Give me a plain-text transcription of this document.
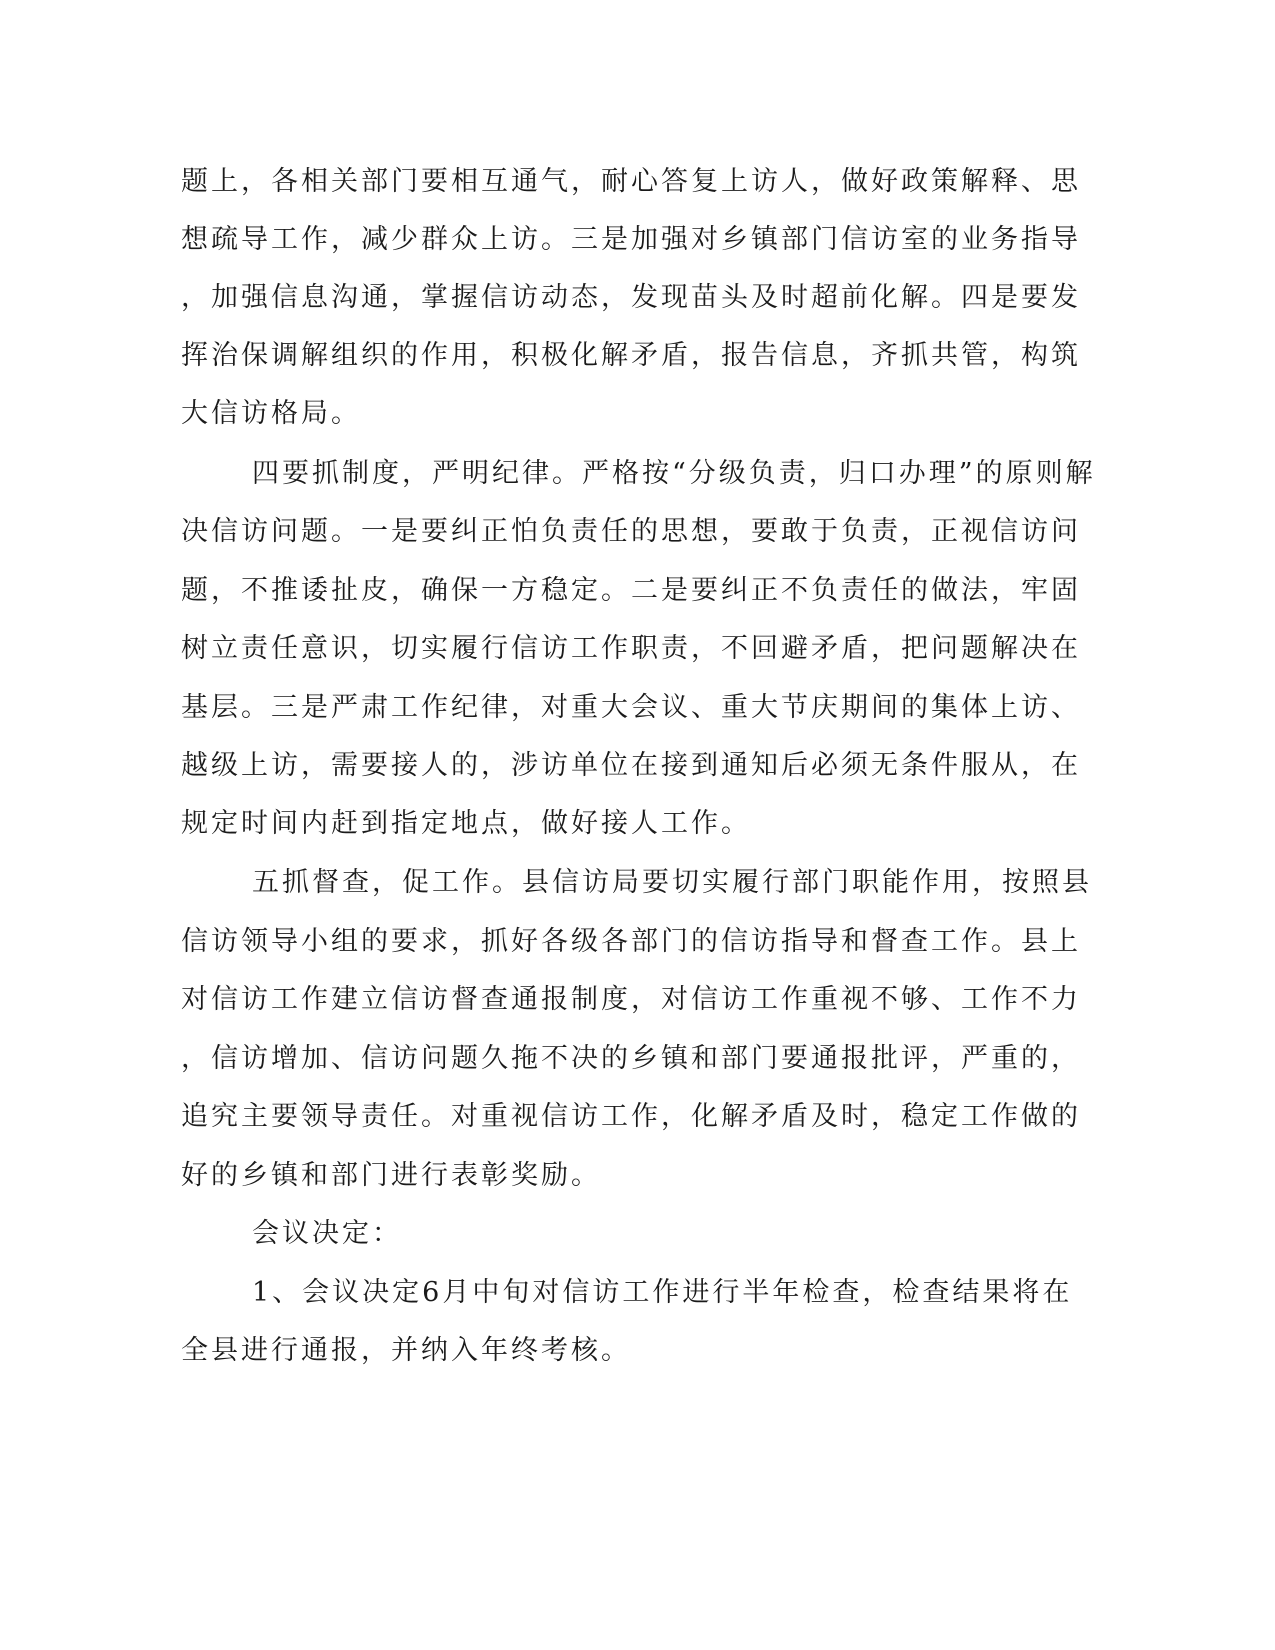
题上，各相关部门要相互通气，耐心答复上访人，做好政策解释、思
想疏导工作，减少群众上访。三是加强对乡镇部门信访室的业务指导
，加强信息沟通，掌握信访动态，发现苗头及时超前化解。四是要发
挥治保调解组织的作用，积极化解矛盾，报告信息，齐抓共管，构筑
大信访格局。
四要抓制度，严明纪律。严格按“分级负责，归口办理”的原则解
决信访问题。一是要纠正怕负责任的思想，要敢于负责，正视信访问
题，不推诿扯皮，确保一方稳定。二是要纠正不负责任的做法，牢固
树立责任意识，切实履行信访工作职责，不回避矛盾，把问题解决在
基层。三是严肃工作纪律，对重大会议、重大节庆期间的集体上访、
越级上访，需要接人的，涉访单位在接到通知后必须无条件服从，在
规定时间内赶到指定地点，做好接人工作。
五抓督查，促工作。县信访局要切实履行部门职能作用，按照县
信访领导小组的要求，抓好各级各部门的信访指导和督查工作。县上
对信访工作建立信访督查通报制度，对信访工作重视不够、工作不力
，信访增加、信访问题久拖不决的乡镇和部门要通报批评，严重的，
追究主要领导责任。对重视信访工作，化解矛盾及时，稳定工作做的
好的乡镇和部门进行表彰奖励。
会议决定：
1、会议决定6月中旬对信访工作进行半年检查，检查结果将在
全县进行通报，并纳入年终考核。
